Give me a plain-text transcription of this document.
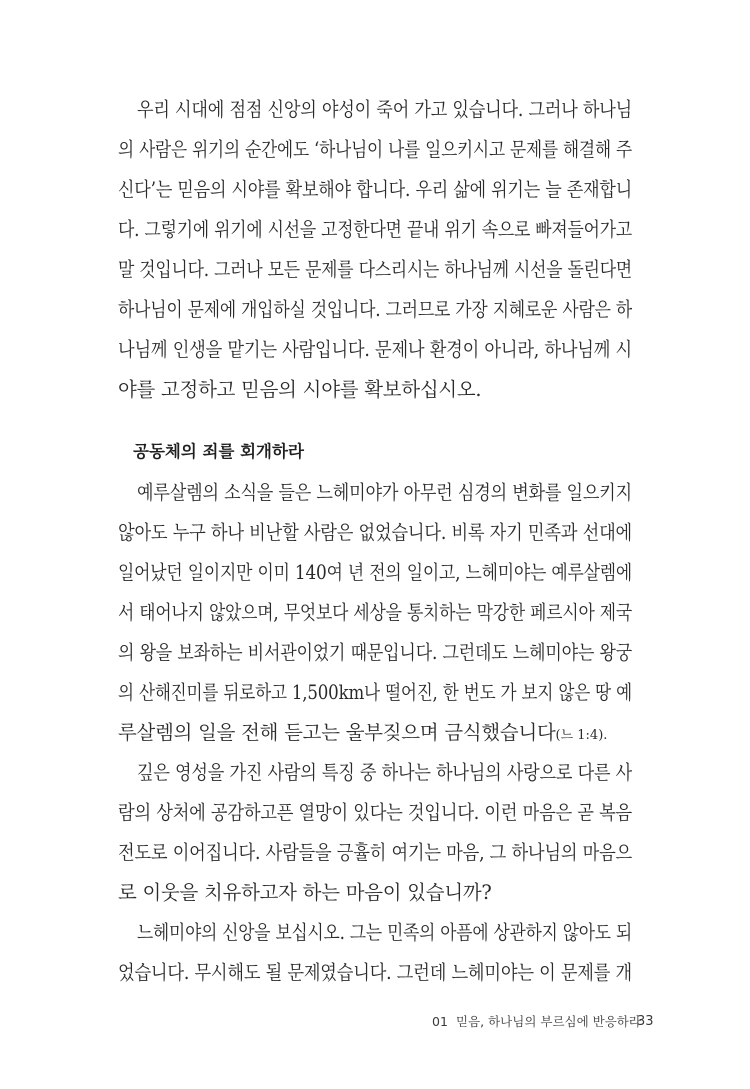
우리 시대에 점점 신앙의 야성이 죽어 가고 있습니다. 그러나 하나님
의 사람은 위기의 순간에도 ‘하나님이 나를 일으키시고 문제를 해결해 주
신다’는 믿음의 시야를 확보해야 합니다. 우리 삶에 위기는 늘 존재합니
다. 그렇기에 위기에 시선을 고정한다면 끝내 위기 속으로 빠져들어가고
말 것입니다. 그러나 모든 문제를 다스리시는 하나님께 시선을 돌린다면
하나님이 문제에 개입하실 것입니다. 그러므로 가장 지혜로운 사람은 하
나님께 인생을 맡기는 사람입니다. 문제나 환경이 아니라, 하나님께 시
야를 고정하고 믿음의 시야를 확보하십시오.
공동체의 죄를 회개하라
예루살렘의 소식을 들은 느헤미야가 아무런 심경의 변화를 일으키지
않아도 누구 하나 비난할 사람은 없었습니다. 비록 자기 민족과 선대에
일어났던 일이지만 이미 140여 년 전의 일이고, 느헤미야는 예루살렘에
서 태어나지 않았으며, 무엇보다 세상을 통치하는 막강한 페르시아 제국
의 왕을 보좌하는 비서관이었기 때문입니다. 그런데도 느헤미야는 왕궁
의 산해진미를 뒤로하고 1,500km나 떨어진, 한 번도 가 보지 않은 땅 예
루살렘의 일을 전해 듣고는 울부짖으며 금식했습니다(느 1:4).
깊은 영성을 가진 사람의 특징 중 하나는 하나님의 사랑으로 다른 사
람의 상처에 공감하고픈 열망이 있다는 것입니다. 이런 마음은 곧 복음
전도로 이어집니다. 사람들을 긍휼히 여기는 마음, 그 하나님의 마음으
로 이웃을 치유하고자 하는 마음이 있습니까?
느헤미야의 신앙을 보십시오. 그는 민족의 아픔에 상관하지 않아도 되
었습니다. 무시해도 될 문제였습니다. 그런데 느헤미야는 이 문제를 개
01 믿음, 하나님의 부르심에 반응하라
33
